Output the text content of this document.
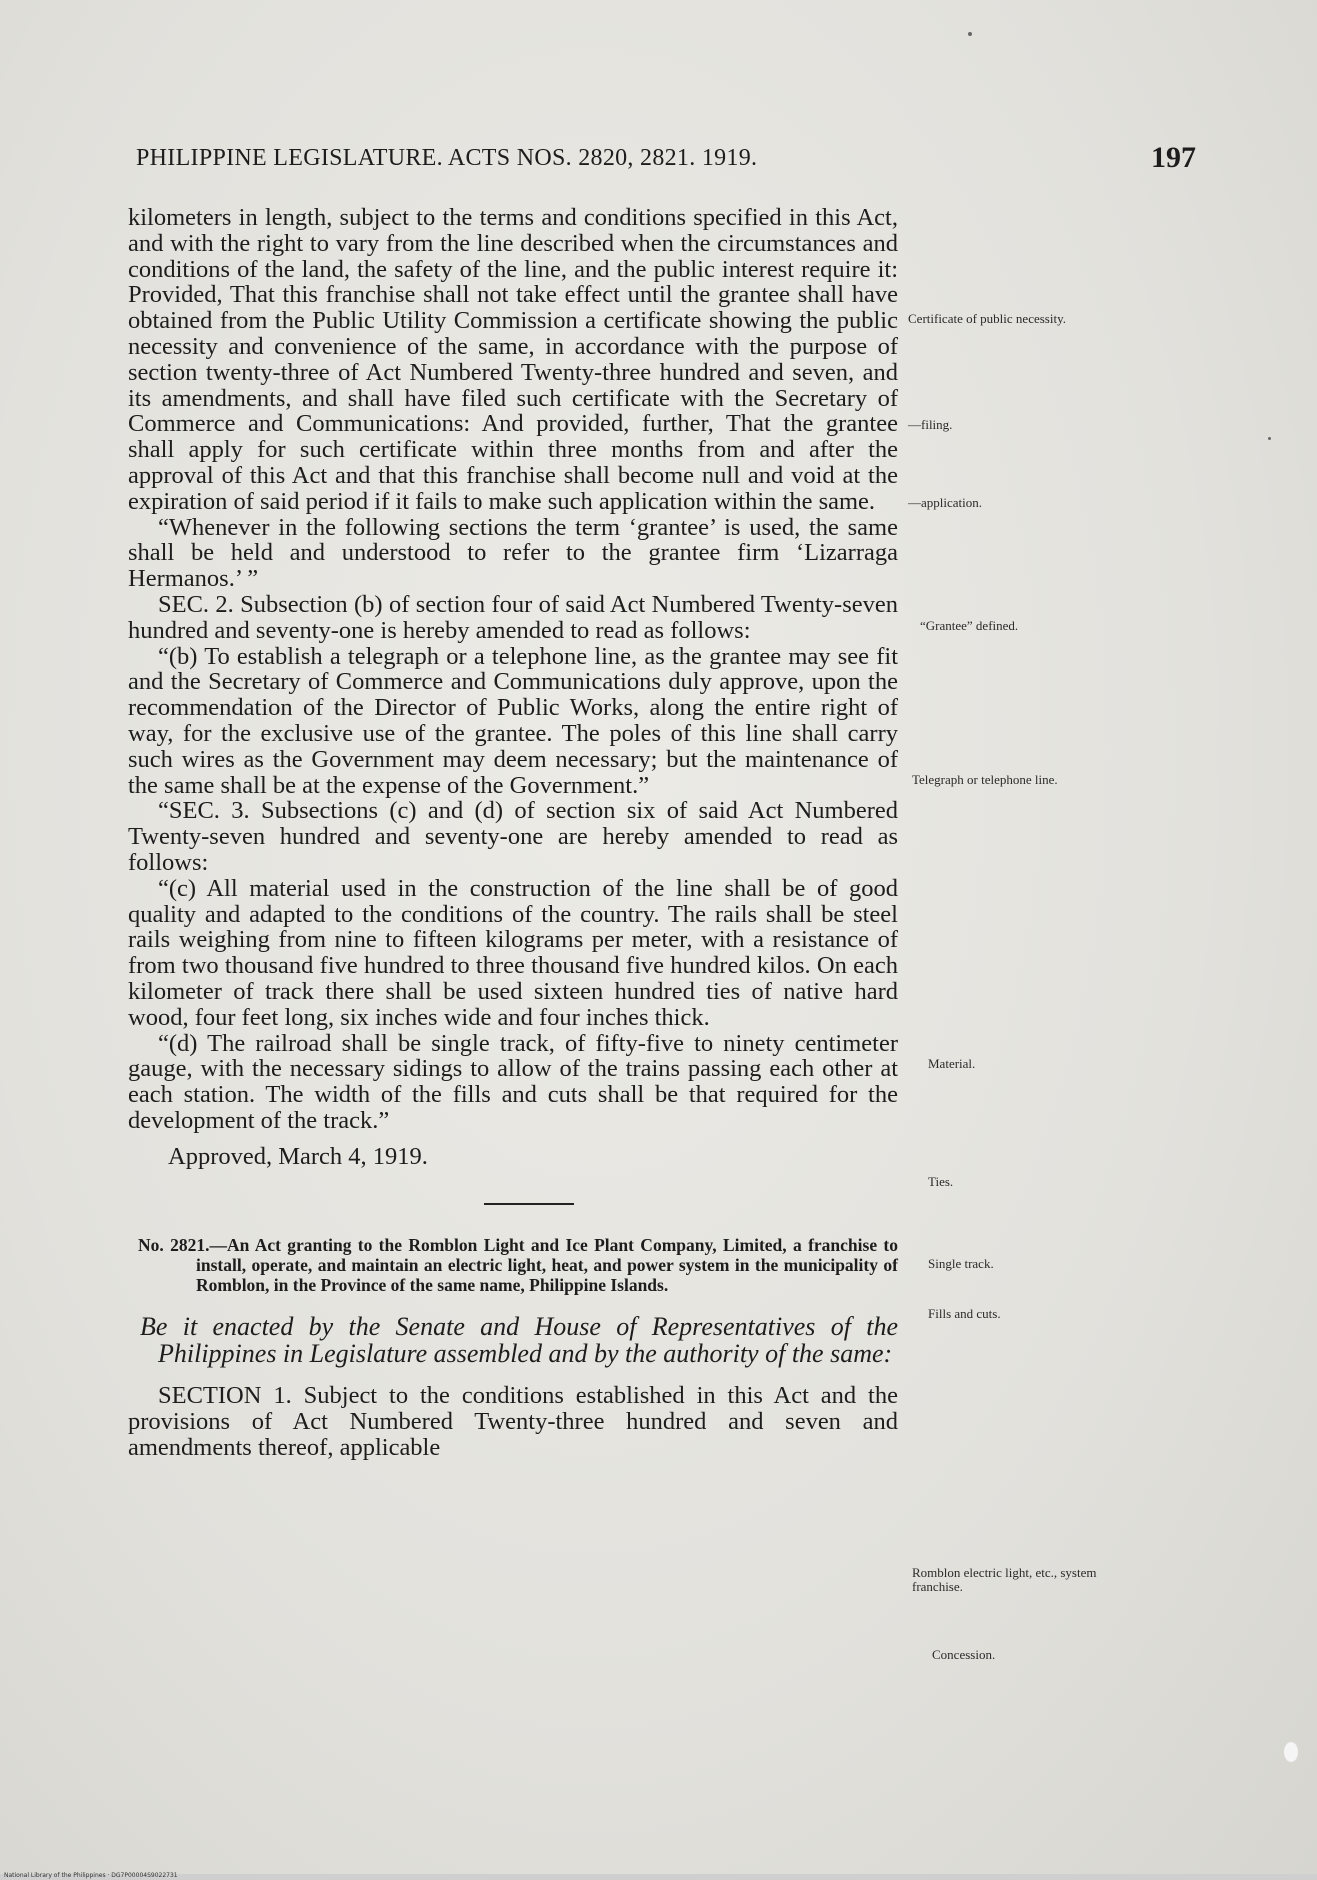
PHILIPPINE LEGISLATURE. ACTS NOS. 2820, 2821. 1919.	197

kilometers in length, subject to the terms and conditions specified in this Act, and with the right to vary from the line described when the circumstances and conditions of the land, the safety of the line, and the public interest require it: Provided, That this franchise shall not take effect until the grantee shall have obtained from the Public Utility Commission a certificate showing the public necessity and convenience of the same, in accordance with the purpose of section twenty-three of Act Numbered Twenty-three hundred and seven, and its amendments, and shall have filed such certificate with the Secretary of Commerce and Communications: And provided, further, That the grantee shall apply for such certificate within three months from and after the approval of this Act and that this franchise shall become null and void at the expiration of said period if it fails to make such application within the same.

“Whenever in the following sections the term ‘grantee’ is used, the same shall be held and understood to refer to the grantee firm ‘Lizarraga Hermanos.’ ”

SEC. 2. Subsection (b) of section four of said Act Numbered Twenty-seven hundred and seventy-one is hereby amended to read as follows:

“(b) To establish a telegraph or a telephone line, as the grantee may see fit and the Secretary of Commerce and Communications duly approve, upon the recommendation of the Director of Public Works, along the entire right of way, for the exclusive use of the grantee. The poles of this line shall carry such wires as the Government may deem necessary; but the maintenance of the same shall be at the expense of the Government.”

“SEC. 3. Subsections (c) and (d) of section six of said Act Numbered Twenty-seven hundred and seventy-one are hereby amended to read as follows:

“(c) All material used in the construction of the line shall be of good quality and adapted to the conditions of the country. The rails shall be steel rails weighing from nine to fifteen kilograms per meter, with a resistance of from two thousand five hundred to three thousand five hundred kilos. On each kilometer of track there shall be used sixteen hundred ties of native hard wood, four feet long, six inches wide and four inches thick.

“(d) The railroad shall be single track, of fifty-five to ninety centimeter gauge, with the necessary sidings to allow of the trains passing each other at each station. The width of the fills and cuts shall be that required for the development of the track.”

Approved, March 4, 1919.

No. 2821.—An Act granting to the Romblon Light and Ice Plant Company, Limited, a franchise to install, operate, and maintain an electric light, heat, and power system in the municipality of Romblon, in the Province of the same name, Philippine Islands.

Be it enacted by the Senate and House of Representatives of the Philippines in Legislature assembled and by the authority of the same:

SECTION 1. Subject to the conditions established in this Act and the provisions of Act Numbered Twenty-three hundred and seven and amendments thereof, applicable

Certificate of public necessity.
—filing.
—application.
“Grantee” defined.
Telegraph or telephone line.
Material.
Ties.
Single track.
Fills and cuts.
Romblon electric light, etc., system franchise.
Concession.
National Library of the Philippines · DG7P00004S9022731
